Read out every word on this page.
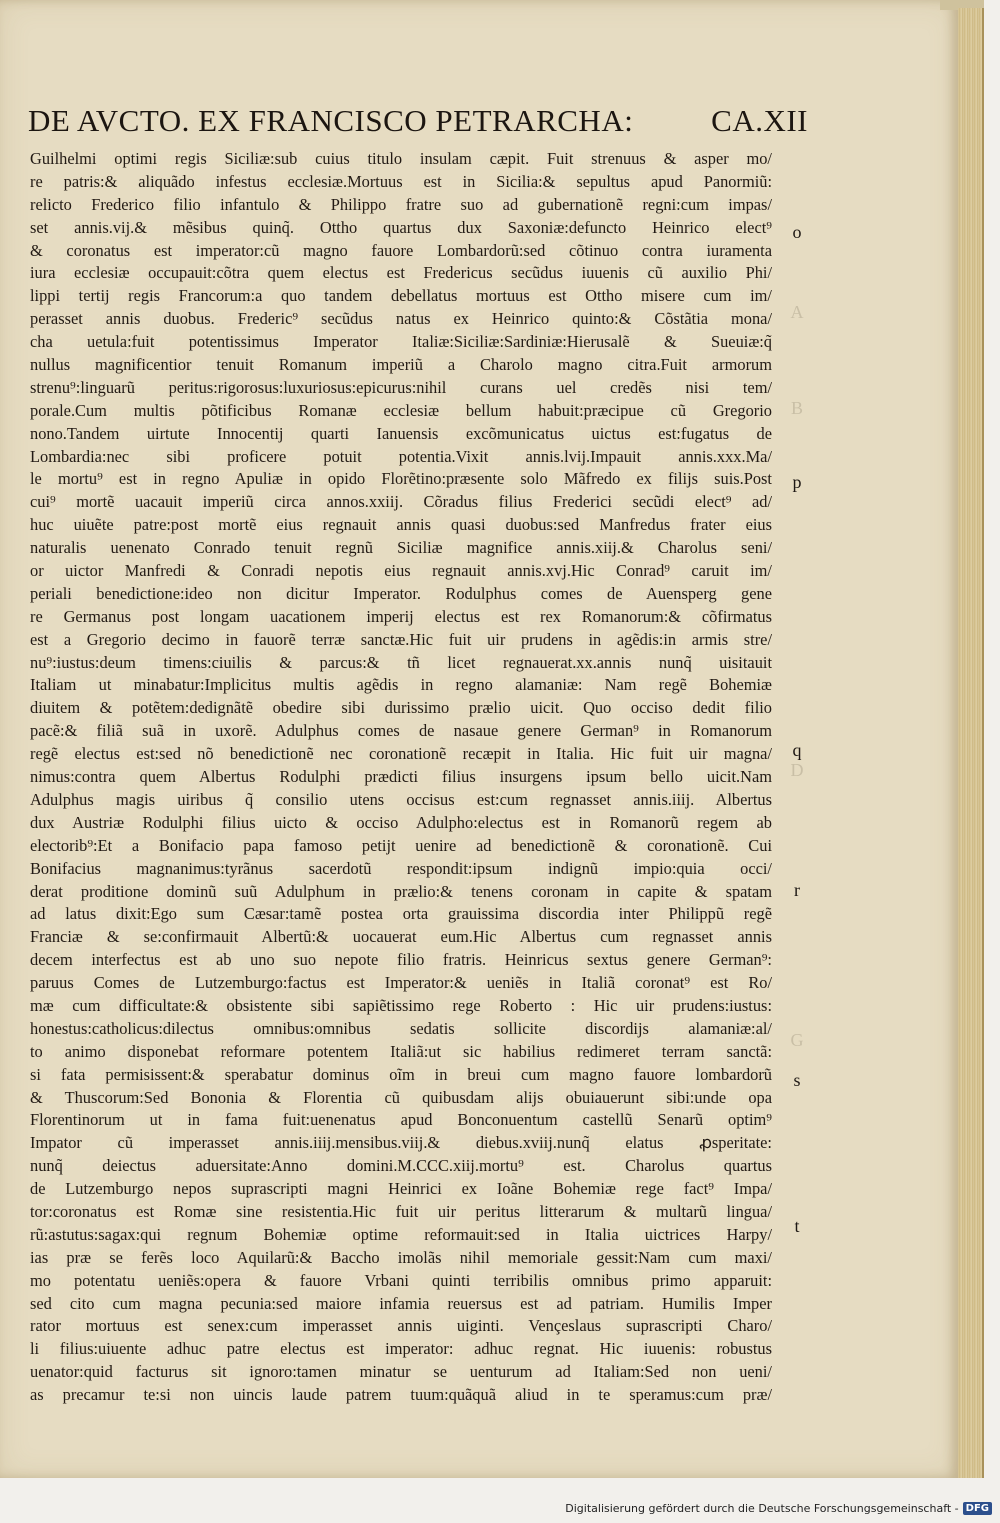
DE AVCTO. EX FRANCISCO PETRARCHA:	CA.XII
Guilhelmi optimi regis Siciliæ:sub cuius titulo insulam cæpit. Fuit strenuus & asper mo/
re patris:& aliquãdo infestus ecclesiæ.Mortuus est in Sicilia:& sepultus apud Panormiũ:
relicto Frederico filio infantulo & Philippo fratre suo ad gubernationẽ regni:cum impas/
set annis.vij.& mẽsibus quinq̃. Ottho quartus dux Saxoniæ:defuncto Heinrico elect⁹
& coronatus est imperator:cũ magno fauore Lombardorũ:sed cõtinuo contra iuramenta
iura ecclesiæ occupauit:cõtra quem electus est Fredericus secũdus iuuenis cũ auxilio Phi/
lippi tertij regis Francorum:a quo tandem debellatus mortuus est Ottho misere cum im/
perasset annis duobus. Frederic⁹ secũdus natus ex Heinrico quinto:& Cõstãtia mona/
cha uetula:fuit potentissimus Imperator Italiæ:Siciliæ:Sardiniæ:Hierusalẽ & Sueuiæ:q̃
nullus magnificentior tenuit Romanum imperiũ a Charolo magno citra.Fuit armorum
strenu⁹:linguarũ peritus:rigorosus:luxuriosus:epicurus:nihil curans uel credẽs nisi tem/
porale.Cum multis põtificibus Romanæ ecclesiæ bellum habuit:præcipue cũ Gregorio
nono.Tandem uirtute Innocentij quarti Ianuensis excõmunicatus uictus est:fugatus de
Lombardia:nec sibi proficere potuit potentia.Vixit annis.lvij.Impauit annis.xxx.Ma/
le mortu⁹ est in regno Apuliæ in opido Florẽtino:præsente solo Mãfredo ex filijs suis.Post
cui⁹ mortẽ uacauit imperiũ circa annos.xxiij. Cõradus filius Frederici secũdi elect⁹ ad/
huc uiuẽte patre:post mortẽ eius regnauit annis quasi duobus:sed Manfredus frater eius
naturalis uenenato Conrado tenuit regnũ Siciliæ magnifice annis.xiij.& Charolus seni/
or uictor Manfredi & Conradi nepotis eius regnauit annis.xvj.Hic Conrad⁹ caruit im/
periali benedictione:ideo non dicitur Imperator. Rodulphus comes de Auensperg gene
re Germanus post longam uacationem imperij electus est rex Romanorum:& cõfirmatus
est a Gregorio decimo in fauorẽ terræ sanctæ.Hic fuit uir prudens in agẽdis:in armis stre/
nu⁹:iustus:deum timens:ciuilis & parcus:& tñ licet regnauerat.xx.annis nunq̃ uisitauit
Italiam ut minabatur:Implicitus multis agẽdis in regno alamaniæ: Nam regẽ Bohemiæ
diuitem & potẽtem:dedignãtẽ obedire sibi durissimo prælio uicit. Quo occiso dedit filio
pacẽ:& filiã suã in uxorẽ. Adulphus comes de nasaue genere German⁹ in Romanorum
regẽ electus est:sed nõ benedictionẽ nec coronationẽ recæpit in Italia. Hic fuit uir magna/
nimus:contra quem Albertus Rodulphi prædicti filius insurgens ipsum bello uicit.Nam
Adulphus magis uiribus q̃ consilio utens occisus est:cum regnasset annis.iiij. Albertus
dux Austriæ Rodulphi filius uicto & occiso Adulpho:electus est in Romanorũ regem ab
electorib⁹:Et a Bonifacio papa famoso petijt uenire ad benedictionẽ & coronationẽ. Cui
Bonifacius magnanimus:tyrãnus sacerdotũ respondit:ipsum indignũ impio:quia occi/
derat proditione dominũ suũ Adulphum in prælio:& tenens coronam in capite & spatam
ad latus dixit:Ego sum Cæsar:tamẽ postea orta grauissima discordia inter Philippũ regẽ
Franciæ & se:confirmauit Albertũ:& uocauerat eum.Hic Albertus cum regnasset annis
decem interfectus est ab uno suo nepote filio fratris. Heinricus sextus genere German⁹:
paruus Comes de Lutzemburgo:factus est Imperator:& ueniẽs in Italiã coronat⁹ est Ro/
mæ cum difficultate:& obsistente sibi sapiẽtissimo rege Roberto : Hic uir prudens:iustus:
honestus:catholicus:dilectus omnibus:omnibus sedatis sollicite discordijs alamaniæ:al/
to animo disponebat reformare potentem Italiã:ut sic habilius redimeret terram sanctã:
si fata permisissent:& sperabatur dominus oĩm in breui cum magno fauore lombardorũ
& Thuscorum:Sed Bononia & Florentia cũ quibusdam alijs obuiauerunt sibi:unde opa
Florentinorum ut in fama fuit:uenenatus apud Bonconuentum castellũ Senarũ optim⁹
Impator cũ imperasset annis.iiij.mensibus.viij.& diebus.xviij.nunq̃ elatus ꝓsperitate:
nunq̃ deiectus aduersitate:Anno domini.M.CCC.xiij.mortu⁹ est. Charolus quartus
de Lutzemburgo nepos suprascripti magni Heinrici ex Ioãne Bohemiæ rege fact⁹ Impa/
tor:coronatus est Romæ sine resistentia.Hic fuit uir peritus litterarum & multarũ lingua/
rũ:astutus:sagax:qui regnum Bohemiæ optime reformauit:sed in Italia uictrices Harpy/
ias præ se ferẽs loco Aquilarũ:& Baccho imolãs nihil memoriale gessit:Nam cum maxi/
mo potentatu ueniẽs:opera & fauore Vrbani quinti terribilis omnibus primo apparuit:
sed cito cum magna pecunia:sed maiore infamia reuersus est ad patriam. Humilis Imper
rator mortuus est senex:cum imperasset annis uiginti. Vençeslaus suprascripti Charo/
li filius:uiuente adhuc patre electus est imperator: adhuc regnat. Hic iuuenis: robustus
uenator:quid facturus sit ignoro:tamen minatur se uenturum ad Italiam:Sed non ueni/
as precamur te:si non uincis laude patrem tuum:quãquã aliud in te speramus:cum præ/
o
A
B
p
q
D
r
G
s
t
Digitalisierung gefördert durch die Deutsche Forschungsgemeinschaft - DFG
